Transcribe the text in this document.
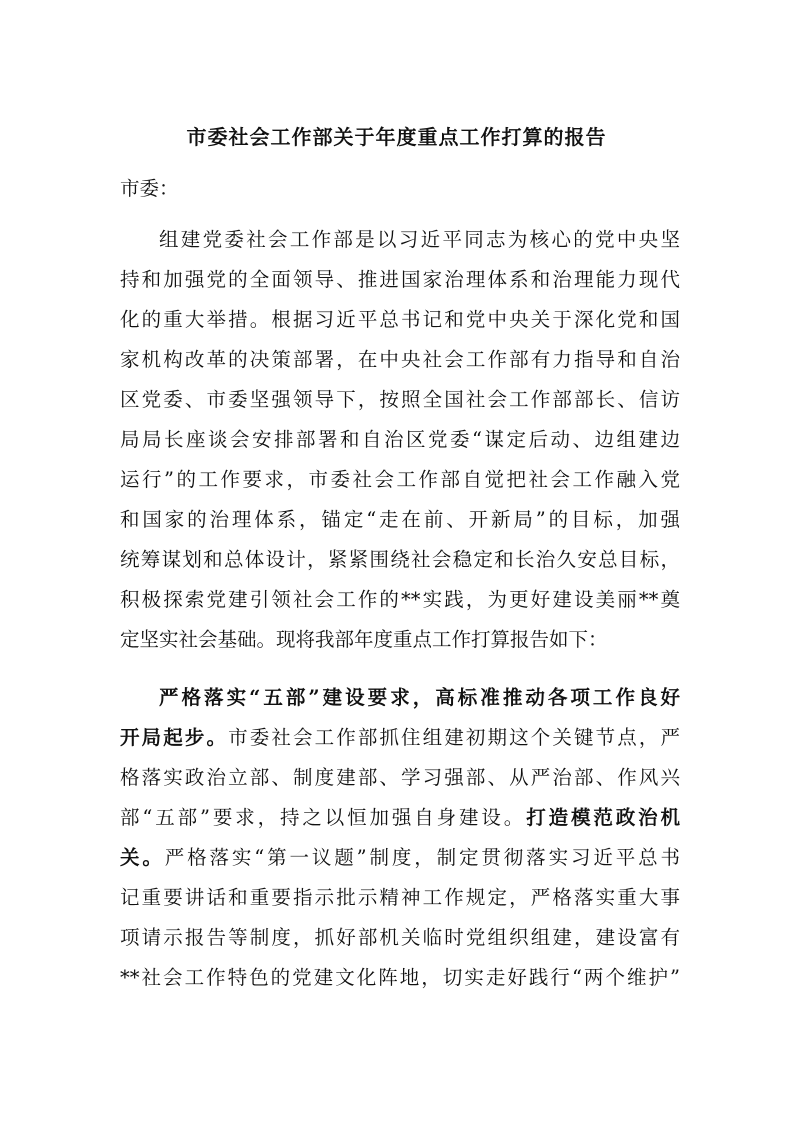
市委社会工作部关于年度重点工作打算的报告

市委：

组建党委社会工作部是以习近平同志为核心的党中央坚

持和加强党的全面领导、推进国家治理体系和治理能力现代

化的重大举措。根据习近平总书记和党中央关于深化党和国

家机构改革的决策部署，在中央社会工作部有力指导和自治

区党委、市委坚强领导下，按照全国社会工作部部长、信访

局局长座谈会安排部署和自治区党委“谋定后动、边组建边

运行”的工作要求，市委社会工作部自觉把社会工作融入党

和国家的治理体系，锚定“走在前、开新局”的目标，加强

统筹谋划和总体设计，紧紧围绕社会稳定和长治久安总目标，

积极探索党建引领社会工作的**实践，为更好建设美丽**奠

定坚实社会基础。现将我部年度重点工作打算报告如下：

严格落实“五部”建设要求，高标准推动各项工作良好

开局起步。市委社会工作部抓住组建初期这个关键节点，严

格落实政治立部、制度建部、学习强部、从严治部、作风兴

部“五部”要求，持之以恒加强自身建设。打造模范政治机

关。严格落实“第一议题”制度，制定贯彻落实习近平总书

记重要讲话和重要指示批示精神工作规定，严格落实重大事

项请示报告等制度，抓好部机关临时党组织组建，建设富有

**社会工作特色的党建文化阵地，切实走好践行“两个维护”
